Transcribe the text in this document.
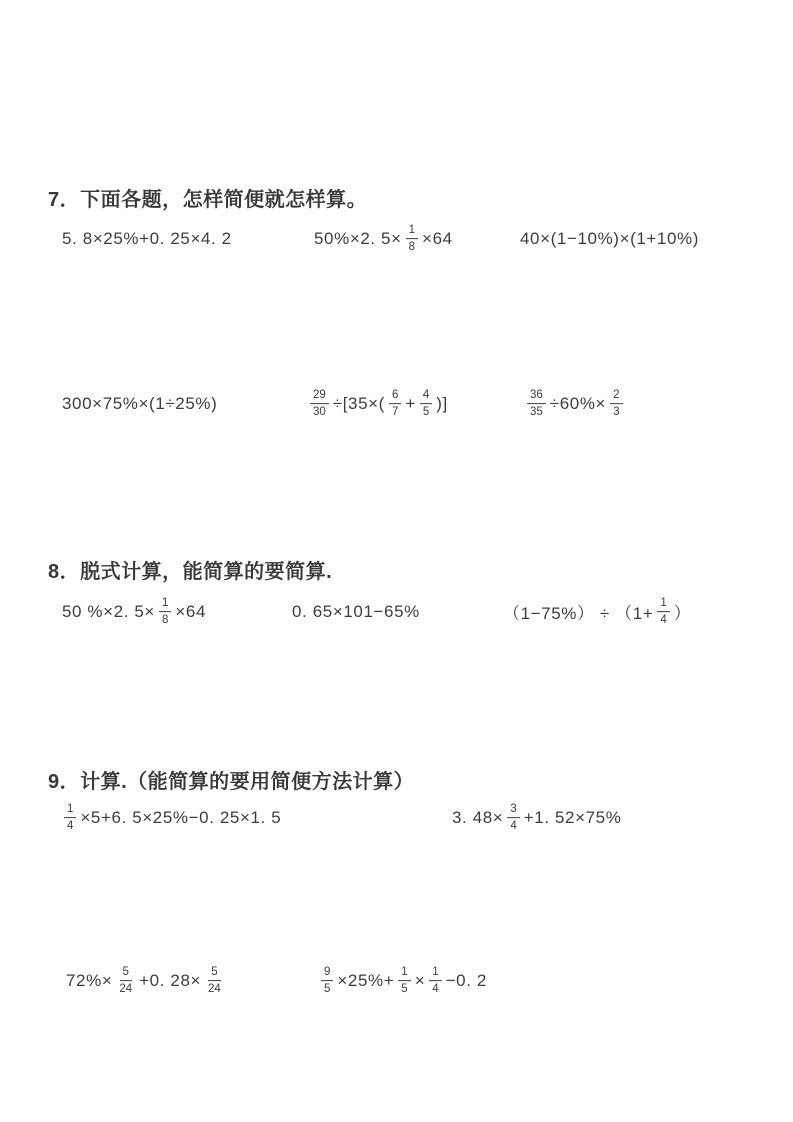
7．下面各题，怎样简便就怎样算。
5. 8×25%+0. 25×4. 2	50%×2. $5\times \frac{1}{8} \times 64$	40×(1−10%)×(1+10%)
300×75%×(1÷25%)	$\frac{29}{30} \div[35\times( \frac{6}{7} + \frac{4}{5}$ )]	$\frac{36}{35} \div 60\%\times \frac{2}{3}$
8．脱式计算，能简算的要简算.
50 %×2. $5\times \frac{1}{8} \times 64$	0. 65×101−65%	$(1-75\%) \div (1+ \frac{1}{4}$ ）
9．计算.（能简算的要用简便方法计算）
$\frac{1}{4} \times 5+6$. 5×25%−0. 25×1. 5	3. $48\times \frac{3}{4} +1$. 52×75%
$72\%\times \frac{5}{24} +0$. $28\times \frac{5}{24}$	$\frac{9}{5} \times 25\%+ \frac{1}{5} \times \frac{1}{4} -0$. 2
